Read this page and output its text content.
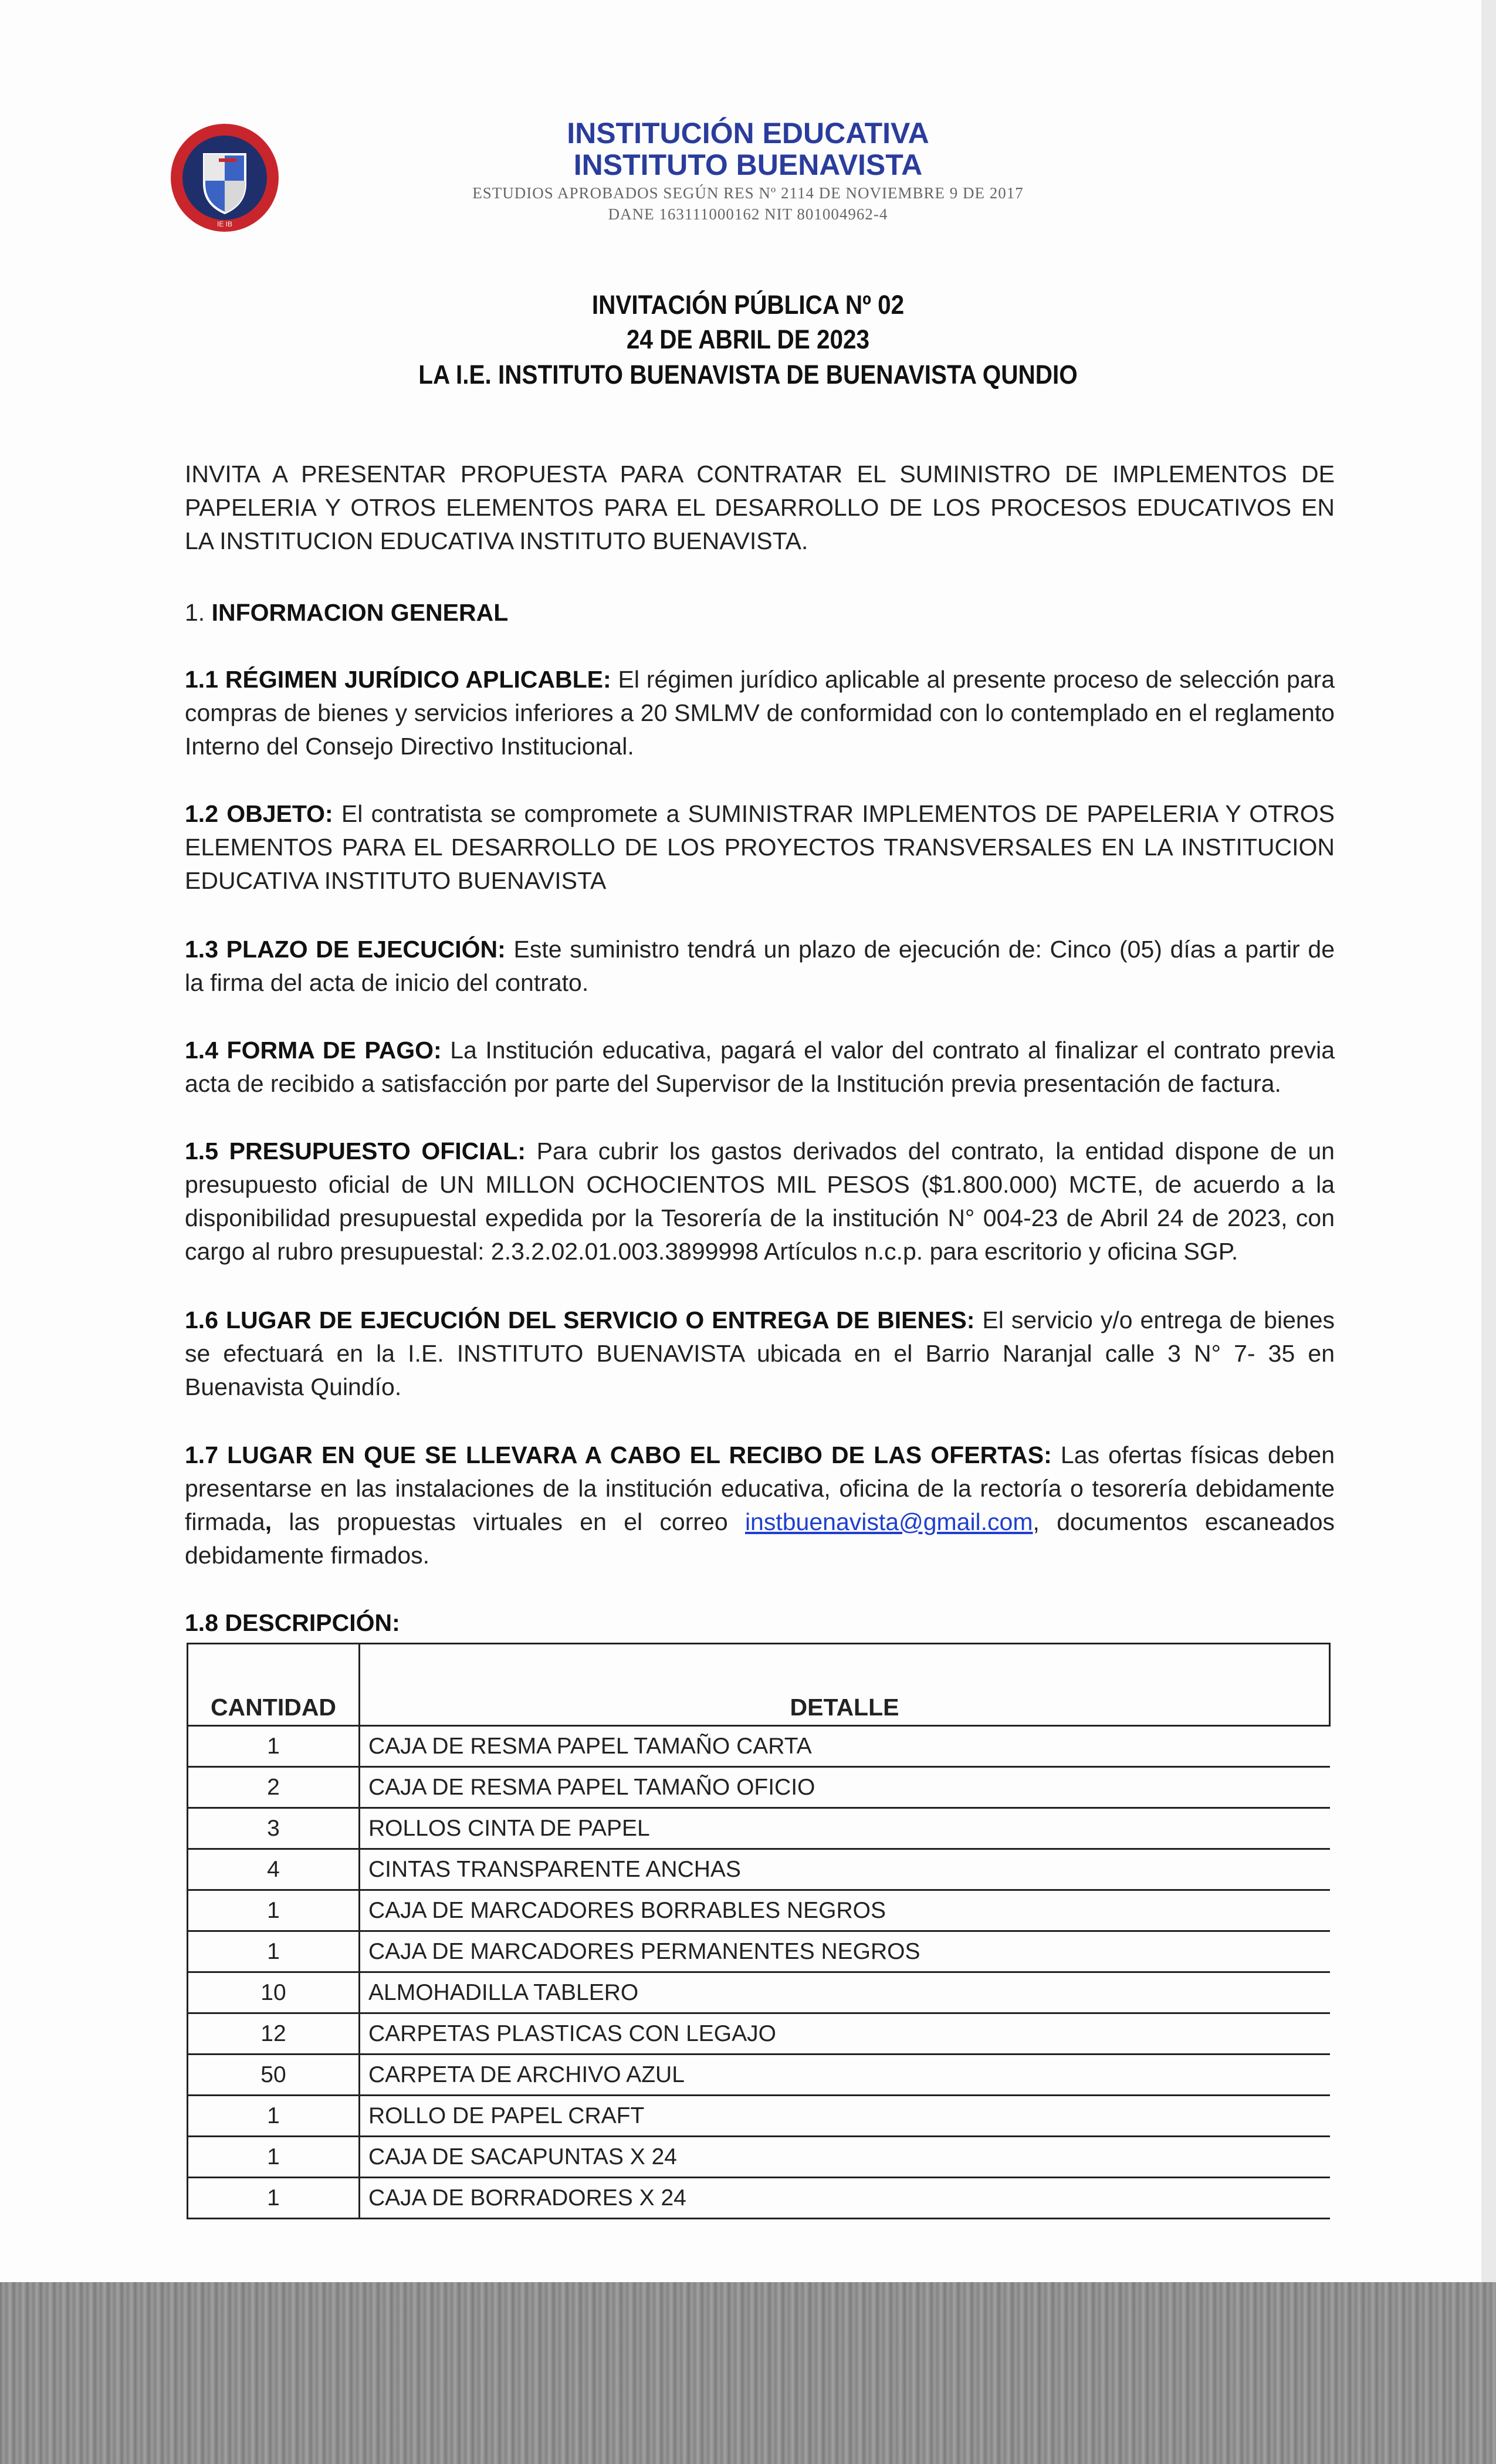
IE IB
INSTITUCIÓN EDUCATIVA
INSTITUTO BUENAVISTA
ESTUDIOS APROBADOS SEGÚN RES Nº 2114 DE NOVIEMBRE 9 DE 2017
DANE 163111000162 NIT 801004962-4
INVITACIÓN PÚBLICA Nº 02
24 DE ABRIL DE 2023
LA I.E. INSTITUTO BUENAVISTA DE BUENAVISTA QUNDIO
INVITA A PRESENTAR PROPUESTA PARA CONTRATAR EL SUMINISTRO DE IMPLEMENTOS DE PAPELERIA Y OTROS ELEMENTOS PARA EL DESARROLLO DE LOS PROCESOS EDUCATIVOS EN LA INSTITUCION EDUCATIVA INSTITUTO BUENAVISTA.
1. INFORMACION GENERAL
1.1 RÉGIMEN JURÍDICO APLICABLE: El régimen jurídico aplicable al presente proceso de selección para compras de bienes y servicios inferiores a 20 SMLMV de conformidad con lo contemplado en el reglamento Interno del Consejo Directivo Institucional.
1.2 OBJETO: El contratista se compromete a SUMINISTRAR IMPLEMENTOS DE PAPELERIA Y OTROS ELEMENTOS PARA EL DESARROLLO DE LOS PROYECTOS TRANSVERSALES EN LA INSTITUCION EDUCATIVA INSTITUTO BUENAVISTA
1.3 PLAZO DE EJECUCIÓN: Este suministro tendrá un plazo de ejecución de: Cinco (05) días a partir de la firma del acta de inicio del contrato.
1.4 FORMA DE PAGO: La Institución educativa, pagará el valor del contrato al finalizar el contrato previa acta de recibido a satisfacción por parte del Supervisor de la Institución previa presentación de factura.
1.5 PRESUPUESTO OFICIAL: Para cubrir los gastos derivados del contrato, la entidad dispone de un presupuesto oficial de UN MILLON OCHOCIENTOS MIL PESOS ($1.800.000) MCTE, de acuerdo a la disponibilidad presupuestal expedida por la Tesorería de la institución N° 004-23 de Abril 24 de 2023, con cargo al rubro presupuestal: 2.3.2.02.01.003.3899998 Artículos n.c.p. para escritorio y oficina SGP.
1.6 LUGAR DE EJECUCIÓN DEL SERVICIO O ENTREGA DE BIENES: El servicio y/o entrega de bienes se efectuará en la I.E. INSTITUTO BUENAVISTA ubicada en el Barrio Naranjal calle 3 N° 7- 35 en Buenavista Quindío.
1.7 LUGAR EN QUE SE LLEVARA A CABO EL RECIBO DE LAS OFERTAS: Las ofertas físicas deben presentarse en las instalaciones de la institución educativa, oficina de la rectoría o tesorería debidamente firmada, las propuestas virtuales en el correo instbuenavista@gmail.com, documentos escaneados debidamente firmados.
1.8 DESCRIPCIÓN:
CANTIDAD	DETALLE
1	CAJA DE RESMA PAPEL TAMAÑO CARTA
2	CAJA DE RESMA PAPEL TAMAÑO OFICIO
3	ROLLOS CINTA DE PAPEL
4	CINTAS TRANSPARENTE ANCHAS
1	CAJA DE MARCADORES BORRABLES NEGROS
1	CAJA DE MARCADORES PERMANENTES NEGROS
10	ALMOHADILLA TABLERO
12	CARPETAS PLASTICAS CON LEGAJO
50	CARPETA DE ARCHIVO AZUL
1	ROLLO DE PAPEL CRAFT
1	CAJA DE SACAPUNTAS X 24
1	CAJA DE BORRADORES X 24
